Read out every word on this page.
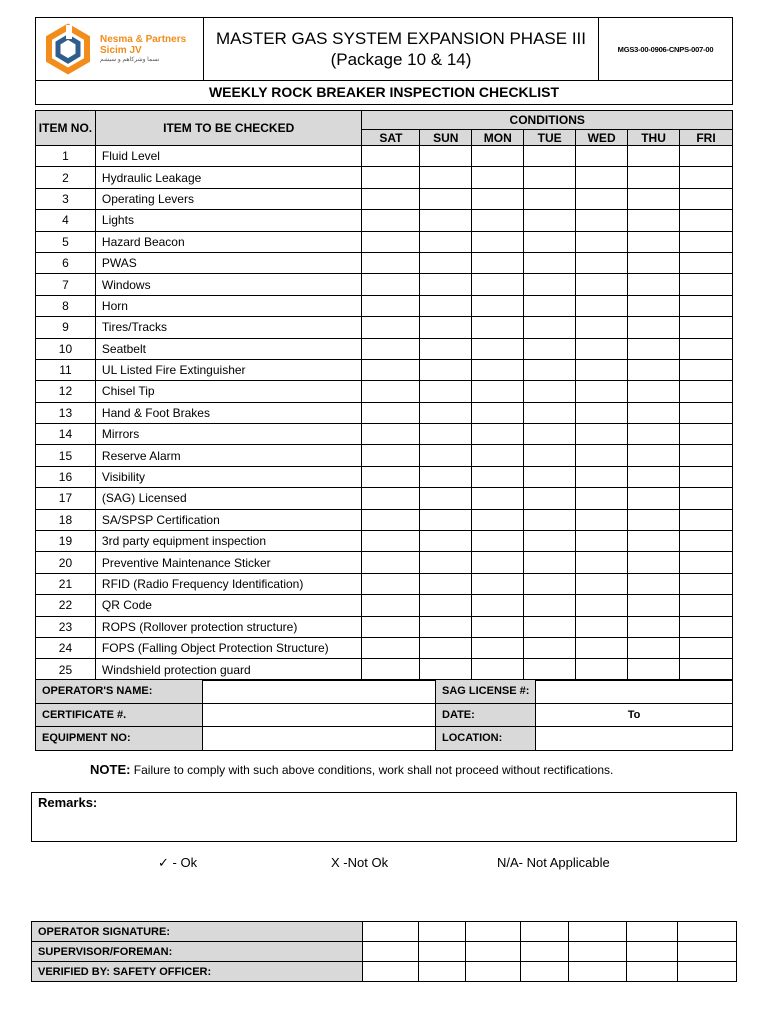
Nesma & Partners
Sicim JV
نسما وشركاهم و سيشم

MASTER GAS SYSTEM EXPANSION PHASE III
(Package 10 & 14)
	MGS3-00-0906-CNPS-007-00
WEEKLY ROCK BREAKER INSPECTION CHECKLIST
ITEM NO.	ITEM TO BE CHECKED	CONDITIONS						
		SAT	SUN	MON	TUE	WED	THU	FRI
1	Fluid Level							
2	Hydraulic Leakage							
3	Operating Levers							
4	Lights							
5	Hazard Beacon							
6	PWAS							
7	Windows							
8	Horn							
9	Tires/Tracks							
10	Seatbelt							
11	UL Listed Fire Extinguisher							
12	Chisel Tip							
13	Hand & Foot Brakes							
14	Mirrors							
15	Reserve Alarm							
16	Visibility							
17	(SAG) Licensed							
18	SA/SPSP Certification							
19	3rd party equipment inspection							
20	Preventive Maintenance Sticker							
21	RFID (Radio Frequency Identification)							
22	QR Code							
23	ROPS (Rollover protection structure)							
24	FOPS (Falling Object Protection Structure)							
25	Windshield protection guard							
OPERATOR'S NAME:		SAG LICENSE #:	
CERTIFICATE #.		DATE:	To
EQUIPMENT NO:		LOCATION:	
NOTE: Failure to comply with such above conditions, work shall not proceed without rectifications.
Remarks:
✓ - Ok	X -Not Ok	N/A- Not Applicable
OPERATOR SIGNATURE:							
SUPERVISOR/FOREMAN:							
VERIFIED BY: SAFETY OFFICER:							
